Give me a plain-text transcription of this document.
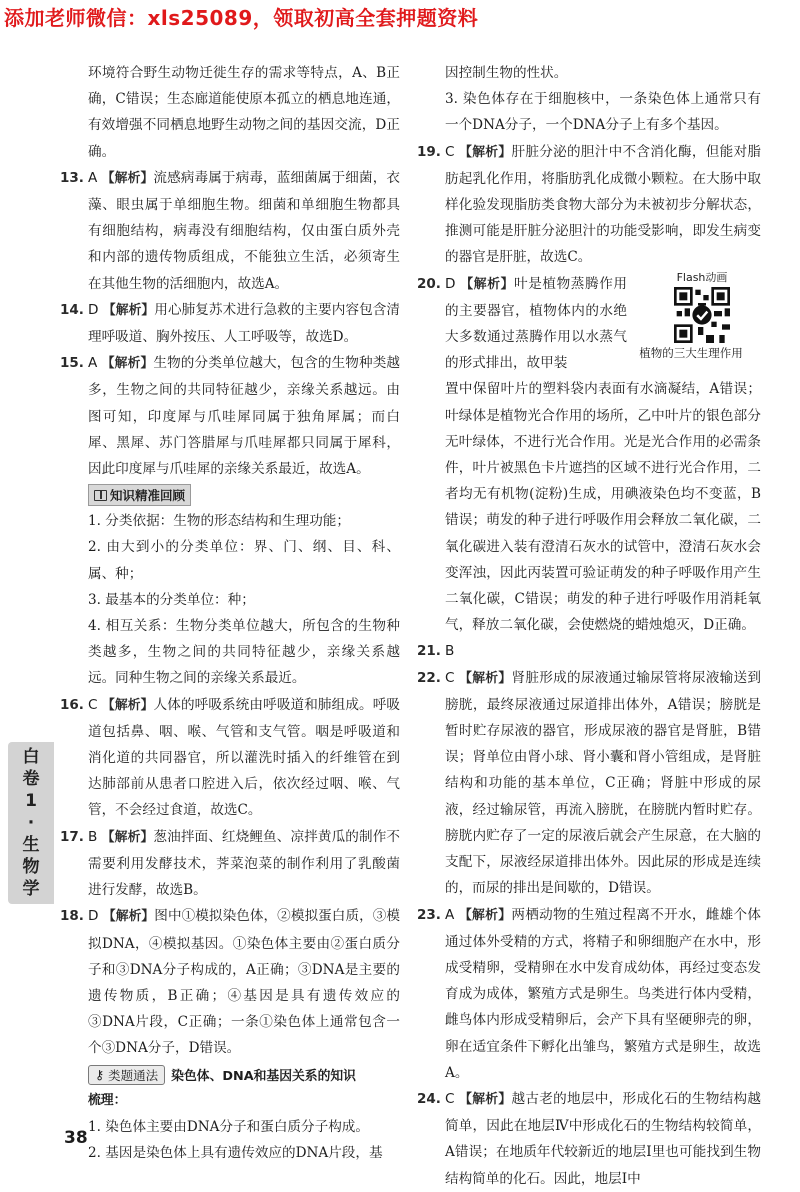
添加老师微信：xls25089，领取初高全套押题资料

环境符合野生动物迁徙生存的需求等特点，A、B正确，C错误；生态廊道能使原本孤立的栖息地连通，有效增强不同栖息地野生动物之间的基因交流，D正确。

13. A 【解析】流感病毒属于病毒，蓝细菌属于细菌，衣藻、眼虫属于单细胞生物。细菌和单细胞生物都具有细胞结构，病毒没有细胞结构，仅由蛋白质外壳和内部的遗传物质组成，不能独立生活，必须寄生在其他生物的活细胞内，故选A。
14. D 【解析】用心肺复苏术进行急救的主要内容包含清理呼吸道、胸外按压、人工呼吸等，故选D。
15. A 【解析】生物的分类单位越大，包含的生物种类越多，生物之间的共同特征越少，亲缘关系越远。由图可知，印度犀与爪哇犀同属于独角犀属；而白犀、黑犀、苏门答腊犀与爪哇犀都只同属于犀科，因此印度犀与爪哇犀的亲缘关系最近，故选A。
知识精准回顾

1. 分类依据：生物的形态结构和生理功能；

2. 由大到小的分类单位：界、门、纲、目、科、属、种；

3. 最基本的分类单位：种；

4. 相互关系：生物分类单位越大，所包含的生物种类越多，生物之间的共同特征越少，亲缘关系越远。同种生物之间的亲缘关系最近。

16. C 【解析】人体的呼吸系统由呼吸道和肺组成。呼吸道包括鼻、咽、喉、气管和支气管。咽是呼吸道和消化道的共同器官，所以灌洗时插入的纤维管在到达肺部前从患者口腔进入后，依次经过咽、喉、气管，不会经过食道，故选C。
17. B 【解析】葱油拌面、红烧鲤鱼、凉拌黄瓜的制作不需要利用发酵技术，荠菜泡菜的制作利用了乳酸菌进行发酵，故选B。
18. D 【解析】图中①模拟染色体，②模拟蛋白质，③模拟DNA，④模拟基因。①染色体主要由②蛋白质分子和③DNA分子构成的，A正确；③DNA是主要的遗传物质，B正确；④基因是具有遗传效应的③DNA片段，C正确；一条①染色体上通常包含一个③DNA分子，D错误。
⚷ 类题通法 染色体、DNA和基因关系的知识

梳理：

1. 染色体主要由DNA分子和蛋白质分子构成。

2. 基因是染色体上具有遗传效应的DNA片段，基

因控制生物的性状。

3. 染色体存在于细胞核中，一条染色体上通常只有一个DNA分子，一个DNA分子上有多个基因。

19. C 【解析】肝脏分泌的胆汁中不含消化酶，但能对脂肪起乳化作用，将脂肪乳化成微小颗粒。在大肠中取样化验发现脂肪类食物大部分为未被初步分解状态，推测可能是肝脏分泌胆汁的功能受影响，即发生病变的器官是肝脏，故选C。
Flash动画
植物的三大生理作用
20. D 【解析】叶是植物蒸腾作用的主要器官，植物体内的水绝大多数通过蒸腾作用以水蒸气的形式排出，故甲装

置中保留叶片的塑料袋内表面有水滴凝结，A错误；叶绿体是植物光合作用的场所，乙中叶片的银色部分无叶绿体，不进行光合作用。光是光合作用的必需条件，叶片被黑色卡片遮挡的区域不进行光合作用，二者均无有机物(淀粉)生成，用碘液染色均不变蓝，B错误；萌发的种子进行呼吸作用会释放二氧化碳，二氧化碳进入装有澄清石灰水的试管中，澄清石灰水会变浑浊，因此丙装置可验证萌发的种子呼吸作用产生二氧化碳，C错误；萌发的种子进行呼吸作用消耗氧气，释放二氧化碳，会使燃烧的蜡烛熄灭，D正确。

21. B
22. C 【解析】肾脏形成的尿液通过输尿管将尿液输送到膀胱，最终尿液通过尿道排出体外，A错误；膀胱是暂时贮存尿液的器官，形成尿液的器官是肾脏，B错误；肾单位由肾小球、肾小囊和肾小管组成，是肾脏结构和功能的基本单位，C正确；肾脏中形成的尿液，经过输尿管，再流入膀胱，在膀胱内暂时贮存。膀胱内贮存了一定的尿液后就会产生尿意，在大脑的支配下，尿液经尿道排出体外。因此尿的形成是连续的，而尿的排出是间歇的，D错误。
23. A 【解析】两栖动物的生殖过程离不开水，雌雄个体通过体外受精的方式，将精子和卵细胞产在水中，形成受精卵，受精卵在水中发育成幼体，再经过变态发育成为成体，繁殖方式是卵生。鸟类进行体内受精，雌鸟体内形成受精卵后，会产下具有坚硬卵壳的卵，卵在适宜条件下孵化出雏鸟，繁殖方式是卵生，故选A。
24. C 【解析】越古老的地层中，形成化石的生物结构越简单，因此在地层Ⅳ中形成化石的生物结构较简单，A错误；在地质年代较新近的地层Ⅰ里也可能找到生物结构简单的化石。因此，地层Ⅰ中
白
卷
1
·
生
物
学
38
